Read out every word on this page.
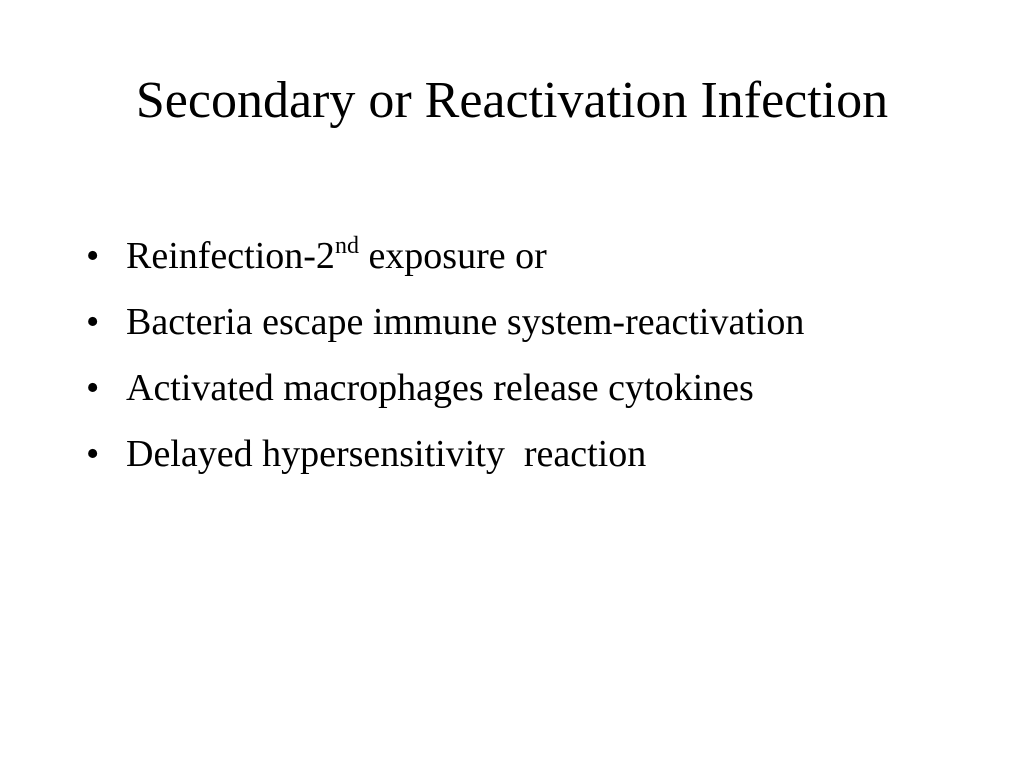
Secondary or Reactivation Infection
• Reinfection-2nd exposure or
• Bacteria escape immune system-reactivation
• Activated macrophages release cytokines
• Delayed hypersensitivity  reaction
